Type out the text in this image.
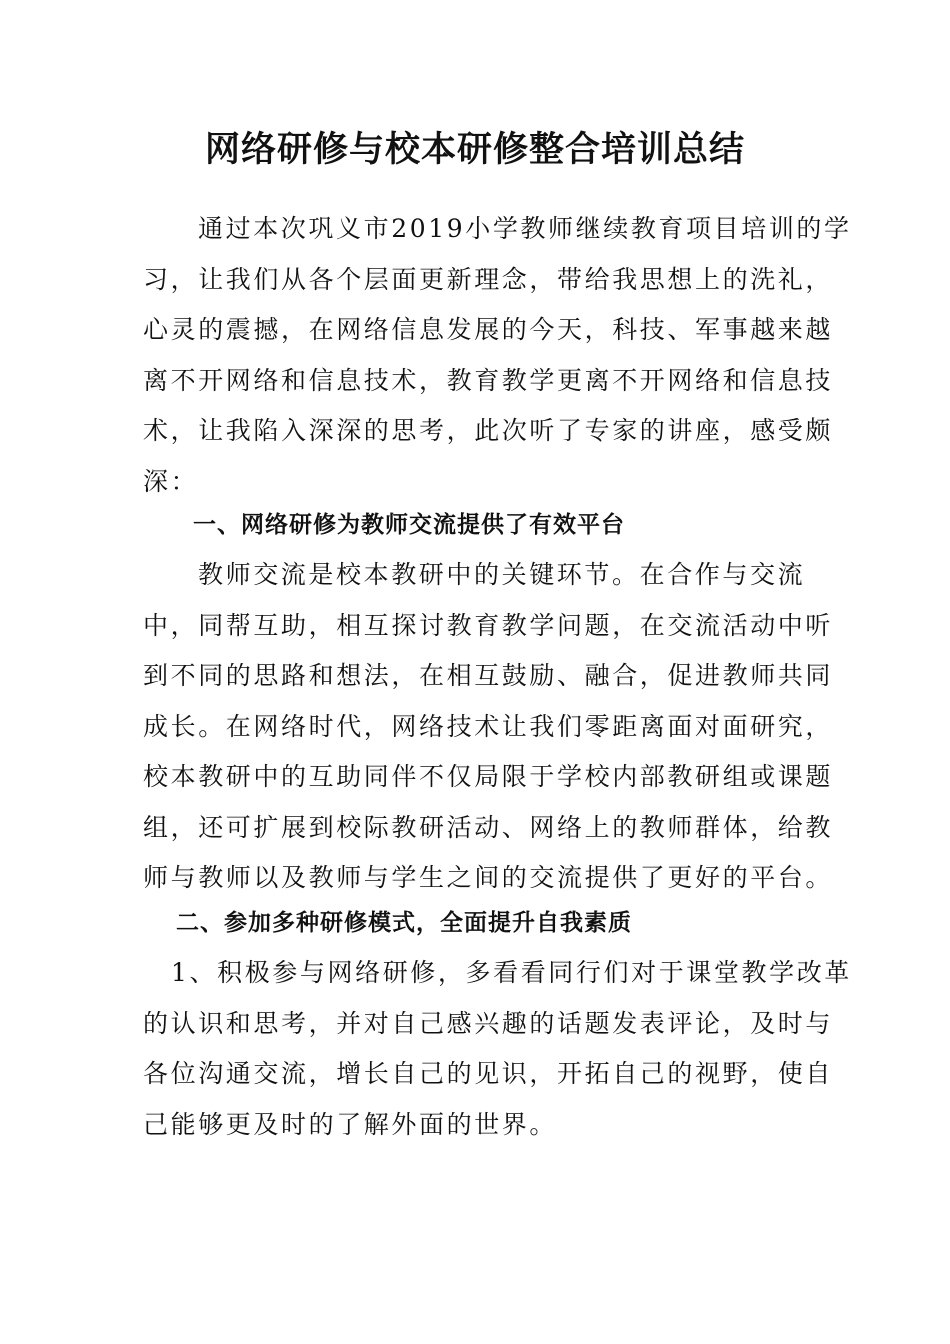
网络研修与校本研修整合培训总结
通过本次巩义市2019小学教师继续教育项目培训的学
习，让我们从各个层面更新理念，带给我思想上的洗礼，
心灵的震撼，在网络信息发展的今天，科技、军事越来越
离不开网络和信息技术，教育教学更离不开网络和信息技
术，让我陷入深深的思考，此次听了专家的讲座，感受颇
深：
一、网络研修为教师交流提供了有效平台
教师交流是校本教研中的关键环节。在合作与交流
中，同帮互助，相互探讨教育教学问题，在交流活动中听
到不同的思路和想法，在相互鼓励、融合，促进教师共同
成长。在网络时代，网络技术让我们零距离面对面研究，
校本教研中的互助同伴不仅局限于学校内部教研组或课题
组，还可扩展到校际教研活动、网络上的教师群体，给教
师与教师以及教师与学生之间的交流提供了更好的平台。
二、参加多种研修模式，全面提升自我素质
1、积极参与网络研修，多看看同行们对于课堂教学改革
的认识和思考，并对自己感兴趣的话题发表评论，及时与
各位沟通交流，增长自己的见识，开拓自己的视野，使自
己能够更及时的了解外面的世界。
